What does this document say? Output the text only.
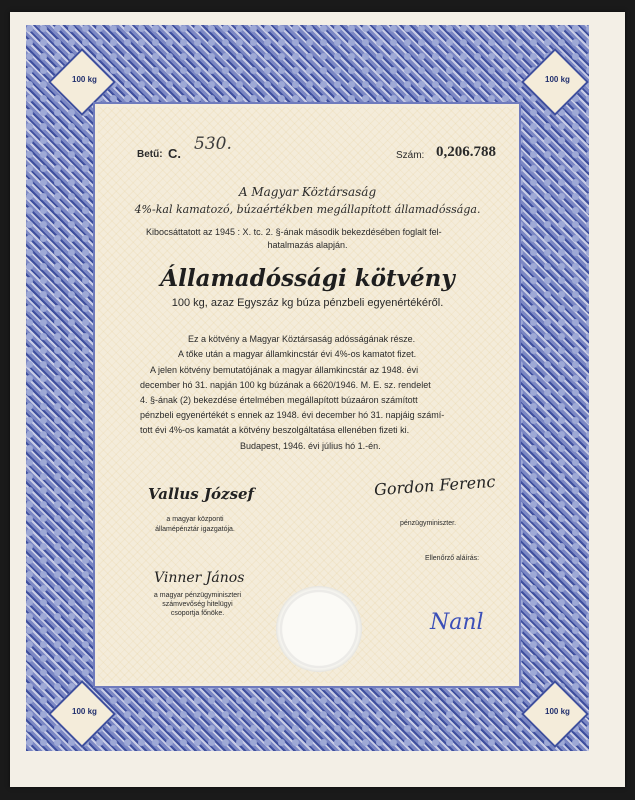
100 kg	100 kg
100 kg	100 kg
Betű: C. 530.
Szám: 0,206.788
A Magyar Köztársaság
4%-kal kamatozó, búzaértékben megállapított államadóssága.
Kibocsáttatott az 1945 : X. tc. 2. §-ának második bekezdésében foglalt fel-
hatalmazás alapján.
Államadóssági kötvény
100 kg, azaz Egyszáz kg búza pénzbeli egyenértékéről.
Ez a kötvény a Magyar Köztársaság adósságának része.
A tőke után a magyar államkincstár évi 4%-os kamatot fizet.
A jelen kötvény bemutatójának a magyar államkincstár az 1948. évi
december hó 31. napján 100 kg búzának a 6620/1946. M. E. sz. rendelet
4. §-ának (2) bekezdése értelmében megállapított búzaáron számított
pénzbeli egyenértékét s ennek az 1948. évi december hó 31. napjáig számí-
tott évi 4%-os kamatát a kötvény beszolgáltatása ellenében fizeti ki.
Budapest, 1946. évi július hó 1.-én.
Vallus József
a magyar központi
államépénztár igazgatója.
Gordon Ferenc
pénzügyminiszter.
Vinner János
a magyar pénzügyminiszteri
számvevőség hitelügyi
csoportja főnöke.
Ellenőrző aláírás:
Nanl
